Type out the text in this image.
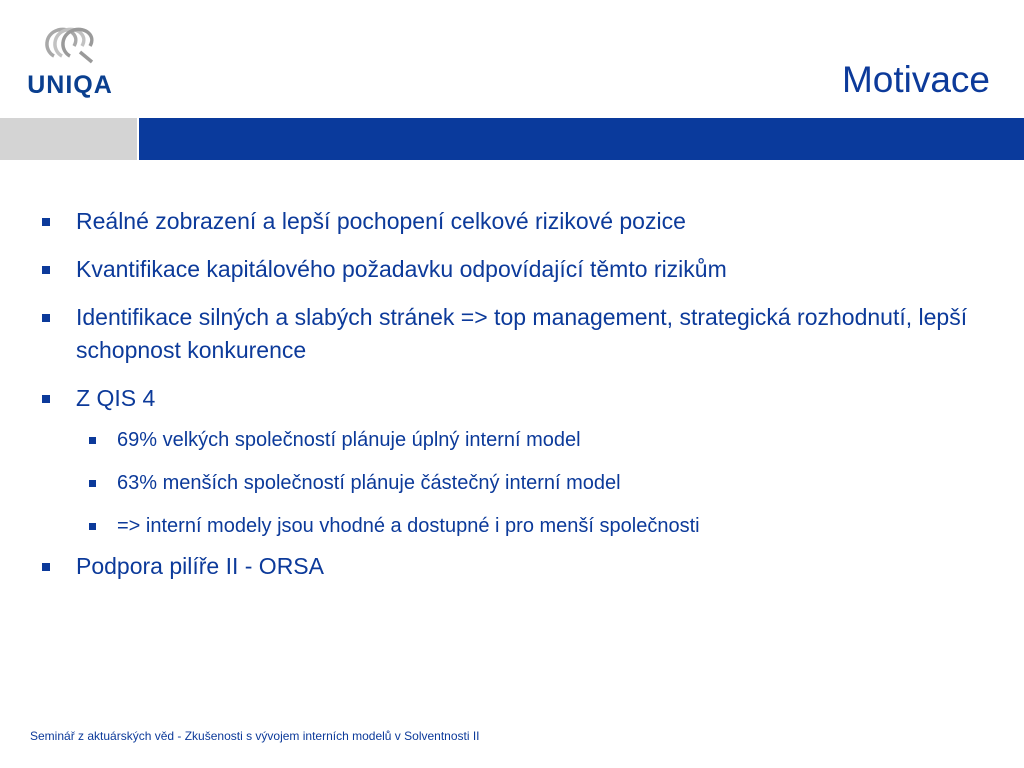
UNIQA	Motivace
Reálné zobrazení a lepší pochopení celkové rizikové pozice
Kvantifikace kapitálového požadavku odpovídající těmto rizikům
Identifikace silných a slabých stránek => top management, strategická rozhodnutí, lepší schopnost konkurence
Z QIS 4
69% velkých společností plánuje úplný interní model
63% menších společností plánuje částečný interní model
=> interní modely jsou vhodné a dostupné i pro menší společnosti
Podpora pilíře II - ORSA
Seminář z aktuárských věd - Zkušenosti s vývojem interních modelů v Solventnosti II
